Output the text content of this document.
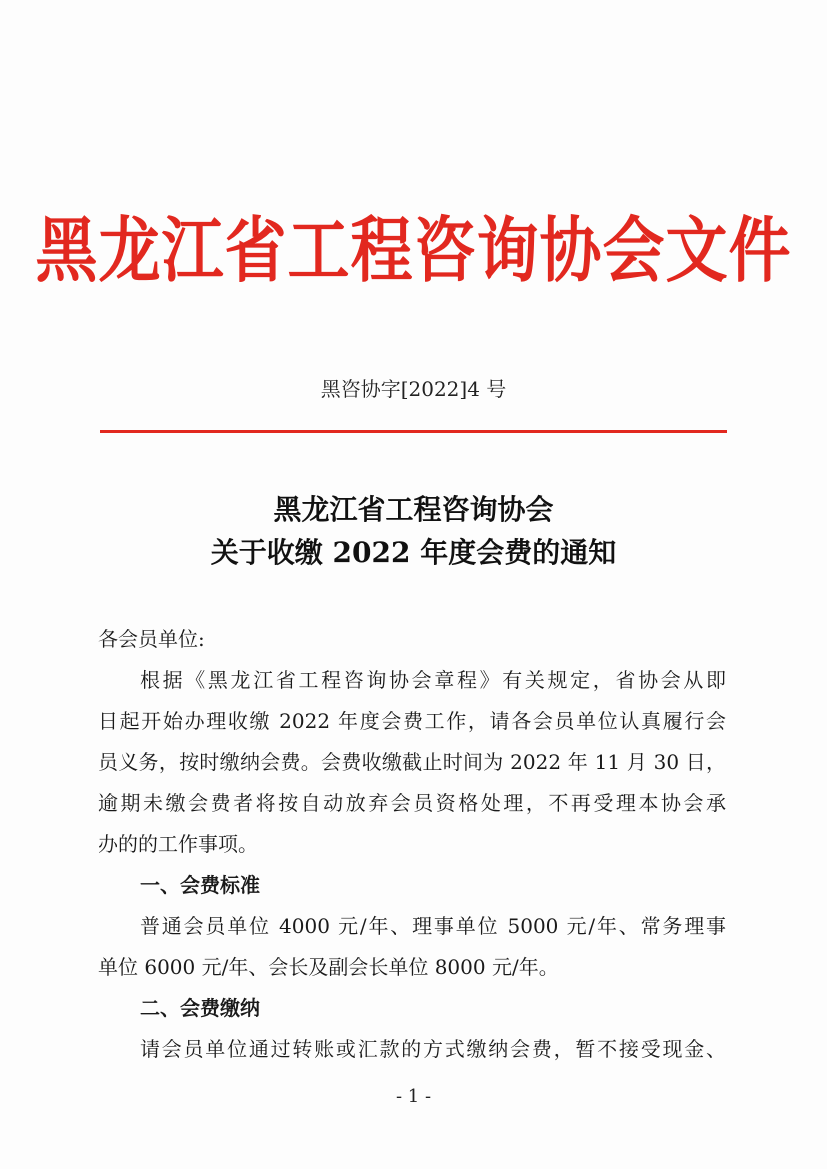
黑龙江省工程咨询协会文件
黑咨协字[2022]4 号
黑龙江省工程咨询协会
关于收缴 2022 年度会费的通知
各会员单位:
根据《黑龙江省工程咨询协会章程》有关规定，省协会从即
日起开始办理收缴 2022 年度会费工作，请各会员单位认真履行会
员义务，按时缴纳会费。会费收缴截止时间为 2022 年 11 月 30 日，
逾期未缴会费者将按自动放弃会员资格处理，不再受理本协会承
办的的工作事项。
一、会费标准
普通会员单位 4000 元/年、理事单位 5000 元/年、常务理事
单位 6000 元/年、会长及副会长单位 8000 元/年。
二、会费缴纳
请会员单位通过转账或汇款的方式缴纳会费，暂不接受现金、
- 1 -
